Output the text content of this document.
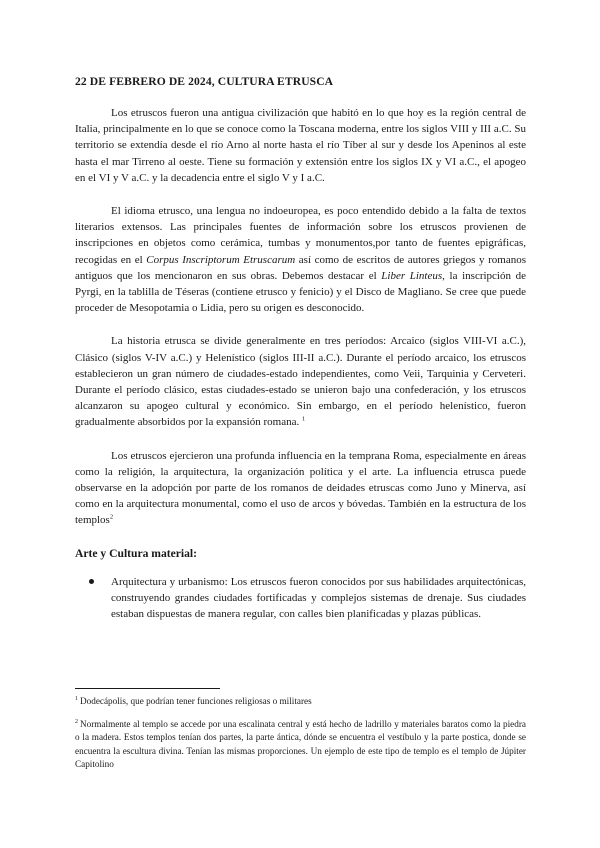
22 DE FEBRERO DE 2024, CULTURA ETRUSCA

Los etruscos fueron una antigua civilización que habitó en lo que hoy es la región central de Italia, principalmente en lo que se conoce como la Toscana moderna, entre los siglos VIII y III a.C. Su territorio se extendía desde el río Arno al norte hasta el río Tíber al sur y desde los Apeninos al este hasta el mar Tirreno al oeste. Tiene su formación y extensión entre los siglos IX y VI a.C., el apogeo en el VI y V a.C. y la decadencia entre el siglo V y I a.C.

El idioma etrusco, una lengua no indoeuropea, es poco entendido debido a la falta de textos literarios extensos. Las principales fuentes de información sobre los etruscos provienen de inscripciones en objetos como cerámica, tumbas y monumentos,por tanto de fuentes epigráficas, recogidas en el Corpus Inscriptorum Etruscarum así como de escritos de autores griegos y romanos antiguos que los mencionaron en sus obras. Debemos destacar el Liber Linteus, la inscripción de Pyrgi, en la tablilla de Téseras (contiene etrusco y fenicio) y el Disco de Magliano. Se cree que puede proceder de Mesopotamia o Lidia, pero su origen es desconocido.

La historia etrusca se divide generalmente en tres períodos: Arcaico (siglos VIII-VI a.C.), Clásico (siglos V-IV a.C.) y Helenístico (siglos III-II a.C.). Durante el período arcaico, los etruscos establecieron un gran número de ciudades-estado independientes, como Veii, Tarquinia y Cerveteri. Durante el período clásico, estas ciudades-estado se unieron bajo una confederación, y los etruscos alcanzaron su apogeo cultural y económico. Sin embargo, en el período helenístico, fueron gradualmente absorbidos por la expansión romana. $^1$

Los etruscos ejercieron una profunda influencia en la temprana Roma, especialmente en áreas como la religión, la arquitectura, la organización política y el arte. La influencia etrusca puede observarse en la adopción por parte de los romanos de deidades etruscas como Juno y Minerva, así como en la arquitectura monumental, como el uso de arcos y bóvedas. También en la estructura de los templos$^2$

Arte y Cultura material:
Arquitectura y urbanismo: Los etruscos fueron conocidos por sus habilidades arquitectónicas, construyendo grandes ciudades fortificadas y complejos sistemas de drenaje. Sus ciudades estaban dispuestas de manera regular, con calles bien planificadas y plazas públicas.

$^1$ Dodecápolis, que podrían tener funciones religiosas o militares

$^2$ Normalmente al templo se accede por una escalinata central y está hecho de ladrillo y materiales baratos como la piedra o la madera. Estos templos tenían dos partes, la parte ántica, dónde se encuentra el vestíbulo y la parte postica, donde se encuentra la escultura divina. Tenían las mismas proporciones. Un ejemplo de este tipo de templo es el templo de Júpiter Capitolino
